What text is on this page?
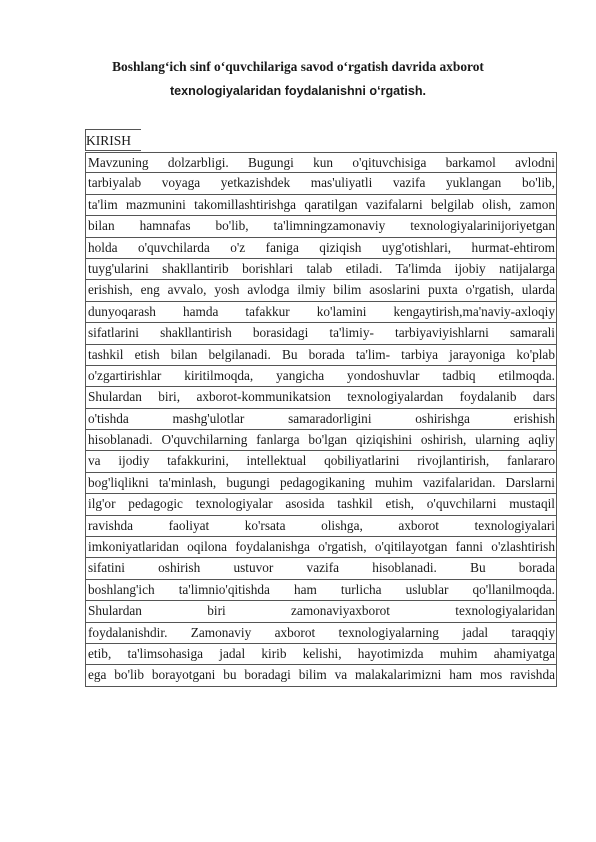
Boshlang‘ich sinf o‘quvchilariga savod o‘rgatish davrida axborot
texnologiyalaridan foydalanishni o‘rgatish.
KIRISH
Mavzuning dolzarbligi. Bugungi kun o'qituvchisiga barkamol avlodni
tarbiyalab voyaga yetkazishdek mas'uliyatli vazifa yuklangan bo'lib,
ta'lim mazmunini takomillashtirishga qaratilgan vazifalarni belgilab olish, zamon
bilan hamnafas bo'lib, ta'limningzamonaviy texnologiyalarinijoriyetgan
holda o'quvchilarda o'z faniga qiziqish uyg'otishlari, hurmat-ehtirom
tuyg'ularini shakllantirib borishlari talab etiladi. Ta'limda ijobiy natijalarga
erishish, eng avvalo, yosh avlodga ilmiy bilim asoslarini puxta o'rgatish, ularda
dunyoqarash hamda tafakkur ko'lamini kengaytirish,ma'naviy-axloqiy
sifatlarini shakllantirish borasidagi ta'limiy- tarbiyaviyishlarni samarali
tashkil etish bilan belgilanadi. Bu borada ta'lim- tarbiya jarayoniga ko'plab
o'zgartirishlar kiritilmoqda, yangicha yondoshuvlar tadbiq etilmoqda.
Shulardan biri, axborot-kommunikatsion texnologiyalardan foydalanib dars
o'tishda mashg'ulotlar samaradorligini oshirishga erishish
hisoblanadi. O'quvchilarning fanlarga bo'lgan qiziqishini oshirish, ularning aqliy
va ijodiy tafakkurini, intellektual qobiliyatlarini rivojlantirish, fanlararo
bog'liqlikni ta'minlash, bugungi pedagogikaning muhim vazifalaridan. Darslarni
ilg'or pedagogic texnologiyalar asosida tashkil etish, o'quvchilarni mustaqil
ravishda faoliyat ko'rsata olishga, axborot texnologiyalari
imkoniyatlaridan oqilona foydalanishga o'rgatish, o'qitilayotgan fanni o'zlashtirish
sifatini oshirish ustuvor vazifa hisoblanadi. Bu borada
boshlang'ich ta'limnio'qitishda ham turlicha uslublar qo'llanilmoqda.
Shulardan biri zamonaviyaxborot texnologiyalaridan
foydalanishdir. Zamonaviy axborot texnologiyalarning jadal taraqqiy
etib, ta'limsohasiga jadal kirib kelishi, hayotimizda muhim ahamiyatga
ega bo'lib borayotgani bu boradagi bilim va malakalarimizni ham mos ravishda
